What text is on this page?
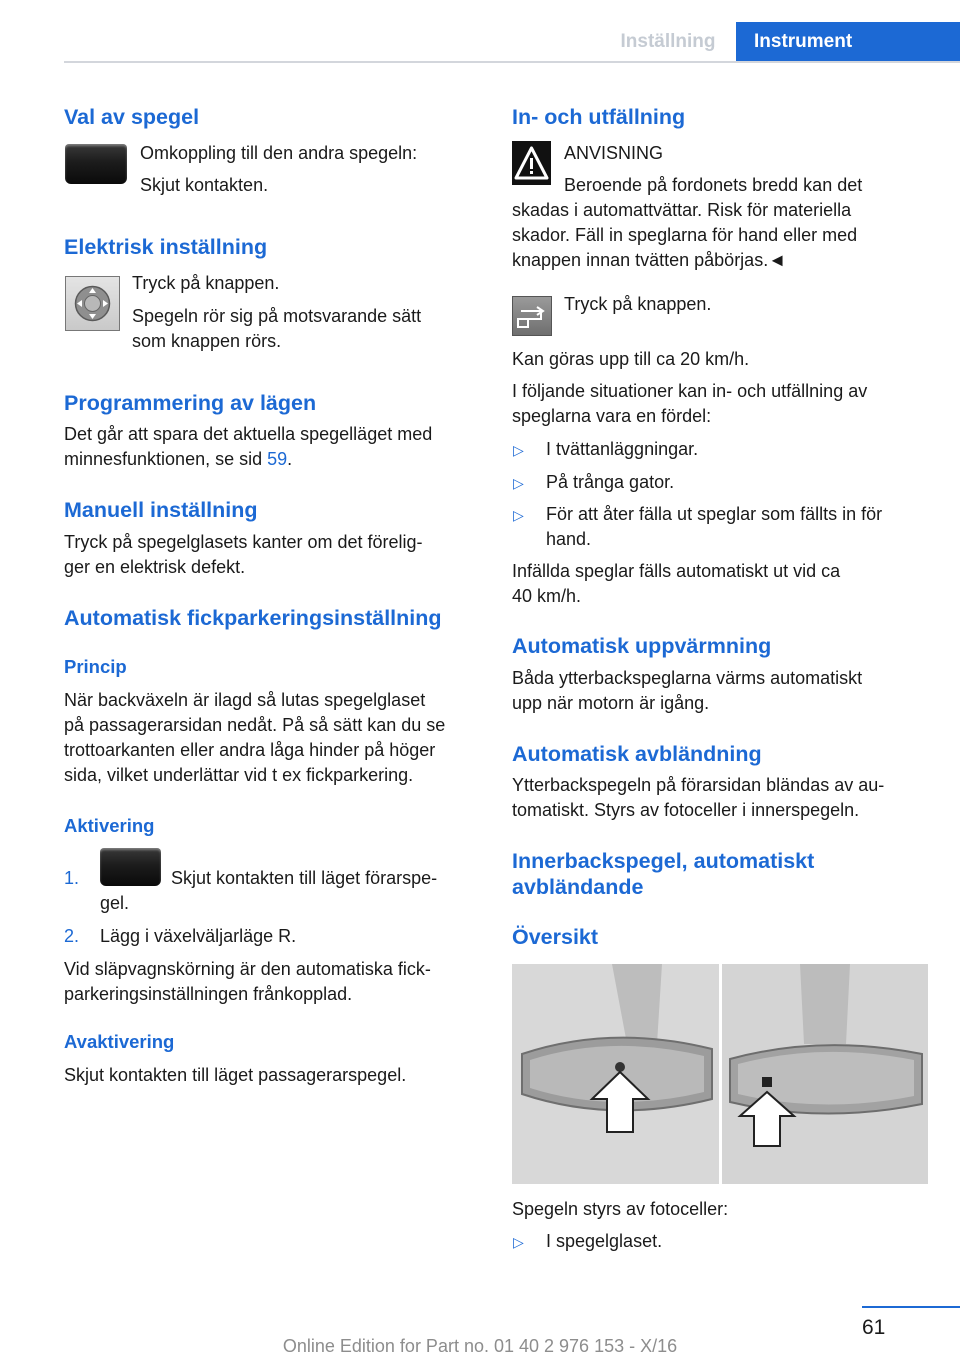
Inställning	Instrument
Val av spegel
Omkoppling till den andra spegeln:
Skjut kontakten.
Elektrisk inställning
Tryck på knappen.
Spegeln rör sig på motsvarande sätt
som knappen rörs.
Programmering av lägen
Det går att spara det aktuella spegelläget med
minnesfunktionen, se sid 59.
Manuell inställning
Tryck på spegelglasets kanter om det förelig‐
ger en elektrisk defekt.
Automatisk fickparkeringsinställning
Princip
När backväxeln är ilagd så lutas spegelglaset
på passagerarsidan nedåt. På så sätt kan du se
trottoarkanten eller andra låga hinder på höger
sida, vilket underlättar vid t ex fickparkering.
Aktivering
1.	Skjut kontakten till läget förarspe‐
gel.
2. Lägg i växelväljarläge R.
Vid släpvagnskörning är den automatiska fick‐
parkeringsinställningen frånkopplad.
Avaktivering
Skjut kontakten till läget passagerarspegel.
In- och utfällning
ANVISNING
Beroende på fordonets bredd kan det
skadas i automattvättar. Risk för materiella
skador. Fäll in speglarna för hand eller med
knappen innan tvätten påbörjas.◄
Tryck på knappen.
Kan göras upp till ca 20 km/h.
I följande situationer kan in- och utfällning av
speglarna vara en fördel:
▷ I tvättanläggningar.
▷ På trånga gator.
▷ För att åter fälla ut speglar som fällts in för
hand.
Infällda speglar fälls automatiskt ut vid ca
40 km/h.
Automatisk uppvärmning
Båda ytterbackspeglarna värms automatiskt
upp när motorn är igång.
Automatisk avbländning
Ytterbackspegeln på förarsidan bländas av au‐
tomatiskt. Styrs av fotoceller i innerspegeln.
Innerbackspegel, automatiskt
avbländande
Översikt
Spegeln styrs av fotoceller:
▷ I spegelglaset.
61
Online Edition for Part no. 01 40 2 976 153 - X/16
